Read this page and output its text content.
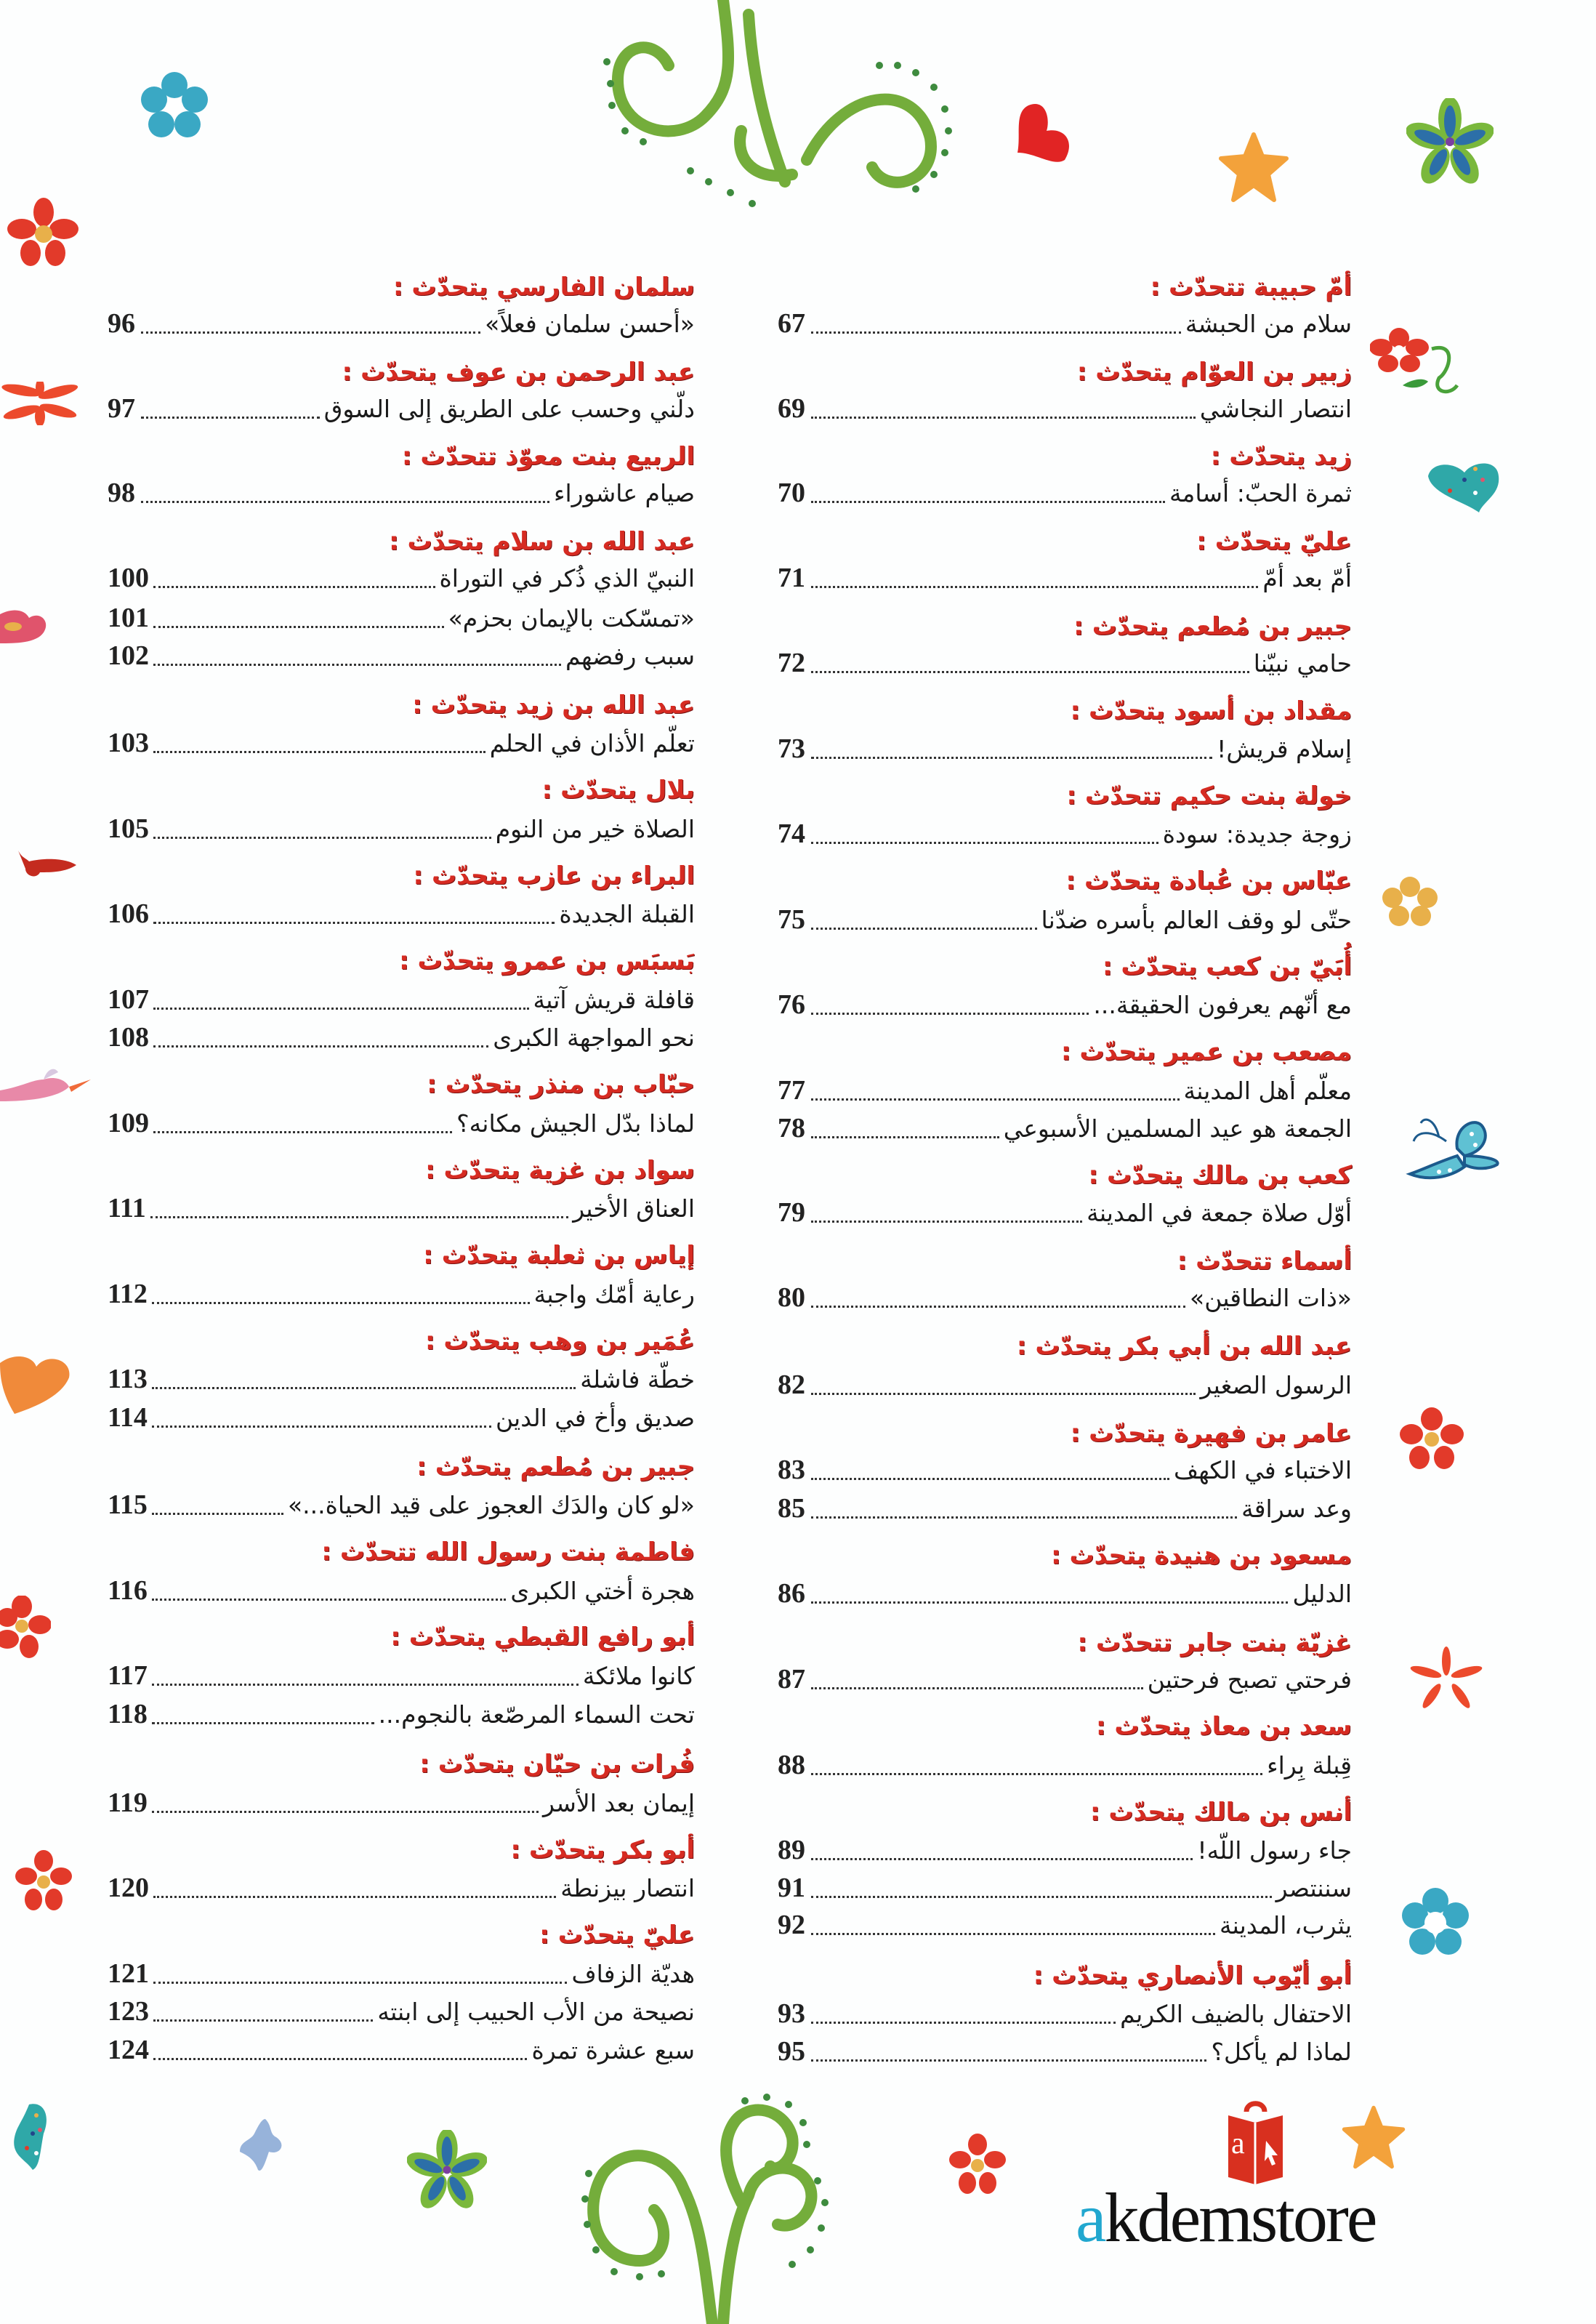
a
akdemstore
أمّ حبيبة تتحدّث :
سلام من الحبشة
67
زبير بن العوّام يتحدّث :
انتصار النجاشي
69
زيد يتحدّث :
ثمرة الحبّ: أسامة
70
عليّ يتحدّث :
أمّ بعد أمّ
71
جبير بن مُطعم يتحدّث :
حامي نبيّنا
72
مقداد بن أسود يتحدّث :
إسلام قريش!
73
خولة بنت حكيم تتحدّث :
زوجة جديدة: سودة
74
عبّاس بن عُبادة يتحدّث :
حتّى لو وقف العالم بأسره ضدّنا
75
أُبَيّ بن كعب يتحدّث :
مع أنّهم يعرفون الحقيقة...
76
مصعب بن عمير يتحدّث :
معلّم أهل المدينة
77
الجمعة هو عيد المسلمين الأسبوعي
78
كعب بن مالك يتحدّث :
أوّل صلاة جمعة في المدينة
79
أسماء تتحدّث :
«ذات النطاقين»
80
عبد الله بن أبي بكر يتحدّث :
الرسول الصغير
82
عامر بن فهيرة يتحدّث :
الاختباء في الكهف
83
وعد سراقة
85
مسعود بن هنيدة يتحدّث :
الدليل
86
غزيّة بنت جابر تتحدّث :
فرحتي تصبح فرحتين
87
سعد بن معاذ يتحدّث :
قِبلة بِراء
88
أنس بن مالك يتحدّث :
جاء رسول اللّه!
89
سننتصر
91
يثرب، المدينة
92
أبو أيّوب الأنصاري يتحدّث :
الاحتفال بالضيف الكريم
93
لماذا لم يأكل؟
95
سلمان الفارسي يتحدّث :
«أحسن سلمان فعلاً»
96
عبد الرحمن بن عوف يتحدّث :
دلّني وحسب على الطريق إلى السوق
97
الربيع بنت معوّذ تتحدّث :
صيام عاشوراء
98
عبد الله بن سلام يتحدّث :
النبيّ الذي ذُكر في التوراة
100
«تمسّكت بالإيمان بحزم»
101
سبب رفضهم
102
عبد الله بن زيد يتحدّث :
تعلّم الأذان في الحلم
103
بلال يتحدّث :
الصلاة خير من النوم
105
البراء بن عازب يتحدّث :
القبلة الجديدة
106
بَسبَس بن عمرو يتحدّث :
قافلة قريش آتية
107
نحو المواجهة الكبرى
108
حبّاب بن منذر يتحدّث :
لماذا بدّل الجيش مكانه؟
109
سواد بن غزية يتحدّث :
العناق الأخير
111
إياس بن ثعلبة يتحدّث :
رعاية أمّك واجبة
112
عُمَير بن وهب يتحدّث :
خطّة فاشلة
113
صديق وأخ في الدين
114
جبير بن مُطعم يتحدّث :
«لو كان والدَك العجوز على قيد الحياة...»
115
فاطمة بنت رسول الله تتحدّث :
هجرة أختي الكبرى
116
أبو رافع القبطي يتحدّث :
كانوا ملائكة
117
تحت السماء المرصّعة بالنجوم...
118
فُرات بن حيّان يتحدّث :
إيمان بعد الأسر
119
أبو بكر يتحدّث :
انتصار بيزنطة
120
عليّ يتحدّث :
هديّة الزفاف
121
نصيحة من الأب الحبيب إلى ابنته
123
سبع عشرة تمرة
124
